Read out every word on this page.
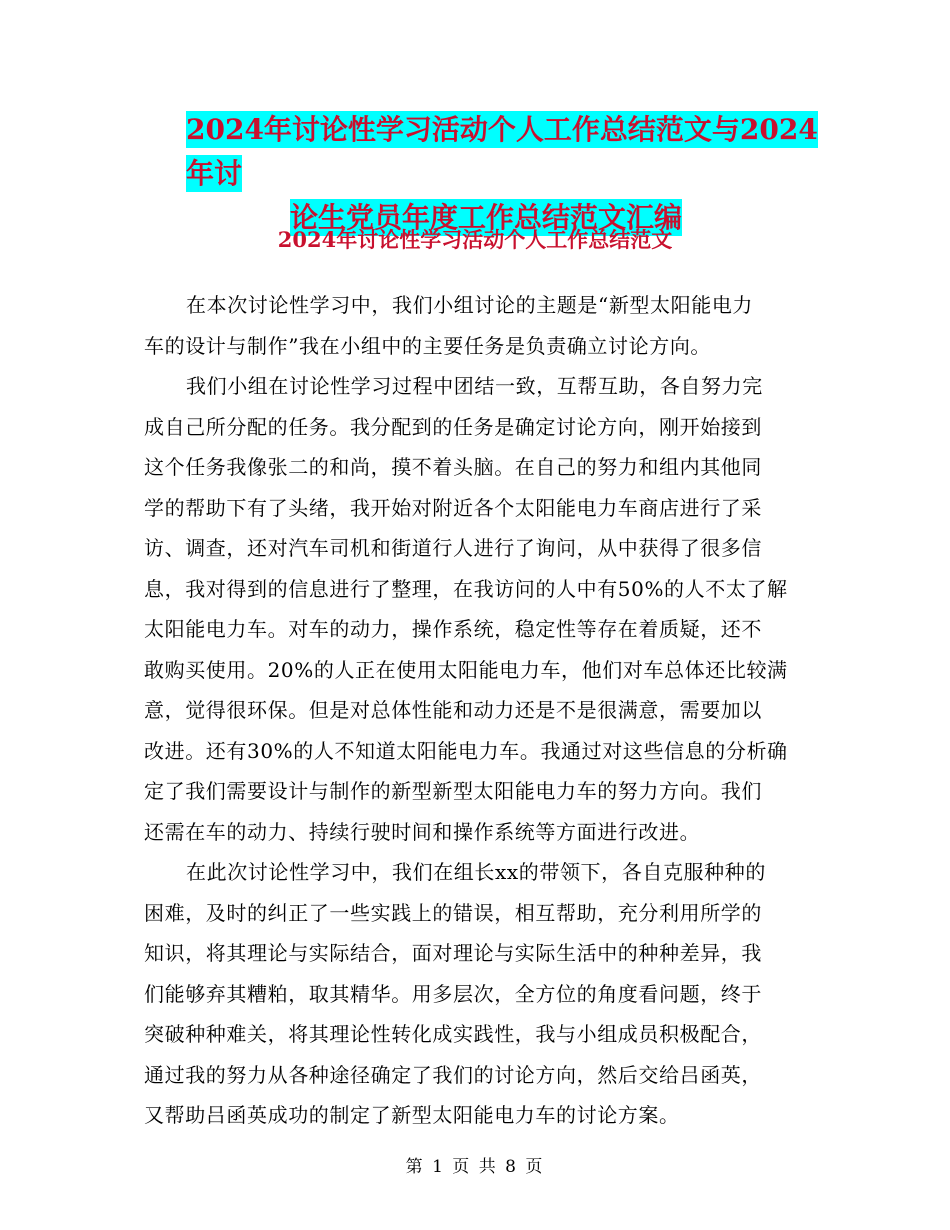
2024年讨论性学习活动个人工作总结范文与2024年讨
论生党员年度工作总结范文汇编
2024年讨论性学习活动个人工作总结范文

在本次讨论性学习中，我们小组讨论的主题是“新型太阳能电力
车的设计与制作”我在小组中的主要任务是负责确立讨论方向。

我们小组在讨论性学习过程中团结一致，互帮互助，各自努力完
成自己所分配的任务。我分配到的任务是确定讨论方向，刚开始接到
这个任务我像张二的和尚，摸不着头脑。在自己的努力和组内其他同
学的帮助下有了头绪，我开始对附近各个太阳能电力车商店进行了采
访、调查，还对汽车司机和街道行人进行了询问，从中获得了很多信
息，我对得到的信息进行了整理，在我访问的人中有50%的人不太了解
太阳能电力车。对车的动力，操作系统，稳定性等存在着质疑，还不
敢购买使用。20%的人正在使用太阳能电力车，他们对车总体还比较满
意，觉得很环保。但是对总体性能和动力还是不是很满意，需要加以
改进。还有30%的人不知道太阳能电力车。我通过对这些信息的分析确
定了我们需要设计与制作的新型新型太阳能电力车的努力方向。我们
还需在车的动力、持续行驶时间和操作系统等方面进行改进。

在此次讨论性学习中，我们在组长xx的带领下，各自克服种种的
困难，及时的纠正了一些实践上的错误，相互帮助，充分利用所学的
知识，将其理论与实际结合，面对理论与实际生活中的种种差异，我
们能够弃其糟粕，取其精华。用多层次，全方位的角度看问题，终于
突破种种难关，将其理论性转化成实践性，我与小组成员积极配合，
通过我的努力从各种途径确定了我们的讨论方向，然后交给吕函英，
又帮助吕函英成功的制定了新型太阳能电力车的讨论方案。

第 1 页 共 8 页
